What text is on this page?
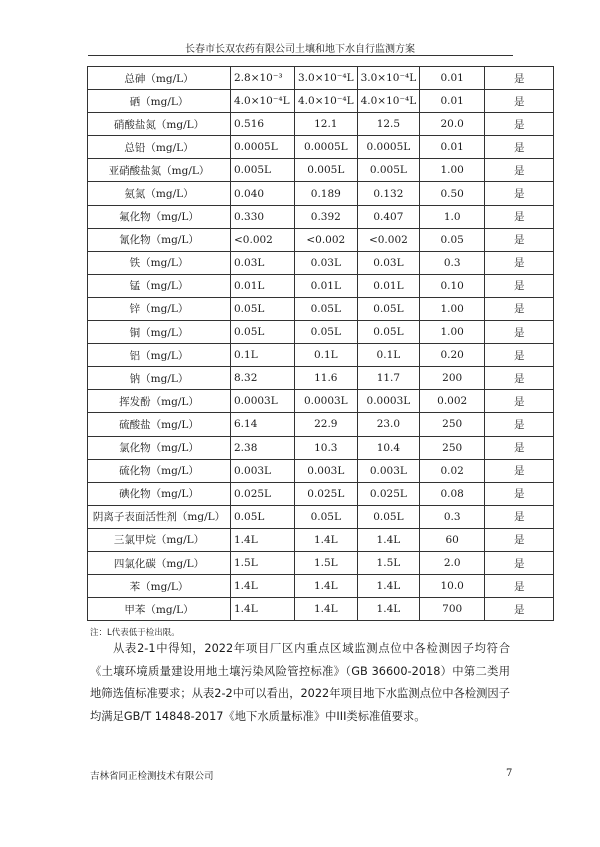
长春市长双农药有限公司土壤和地下水自行监测方案
总砷（mg/L）	2.8×10⁻³	3.0×10⁻⁴L	3.0×10⁻⁴L	0.01	是
硒（mg/L）	4.0×10⁻⁴L	4.0×10⁻⁴L	4.0×10⁻⁴L	0.01	是
硝酸盐氮（mg/L）	0.516	12.1	12.5	20.0	是
总铅（mg/L）	0.0005L	0.0005L	0.0005L	0.01	是
亚硝酸盐氮（mg/L）	0.005L	0.005L	0.005L	1.00	是
氨氮（mg/L）	0.040	0.189	0.132	0.50	是
氟化物（mg/L）	0.330	0.392	0.407	1.0	是
氰化物（mg/L）	<0.002	<0.002	<0.002	0.05	是
铁（mg/L）	0.03L	0.03L	0.03L	0.3	是
锰（mg/L）	0.01L	0.01L	0.01L	0.10	是
锌（mg/L）	0.05L	0.05L	0.05L	1.00	是
铜（mg/L）	0.05L	0.05L	0.05L	1.00	是
铝（mg/L）	0.1L	0.1L	0.1L	0.20	是
钠（mg/L）	8.32	11.6	11.7	200	是
挥发酚（mg/L）	0.0003L	0.0003L	0.0003L	0.002	是
硫酸盐（mg/L）	6.14	22.9	23.0	250	是
氯化物（mg/L）	2.38	10.3	10.4	250	是
硫化物（mg/L）	0.003L	0.003L	0.003L	0.02	是
碘化物（mg/L）	0.025L	0.025L	0.025L	0.08	是
阴离子表面活性剂（mg/L）	0.05L	0.05L	0.05L	0.3	是
三氯甲烷（mg/L）	1.4L	1.4L	1.4L	60	是
四氯化碳（mg/L）	1.5L	1.5L	1.5L	2.0	是
苯（mg/L）	1.4L	1.4L	1.4L	10.0	是
甲苯（mg/L）	1.4L	1.4L	1.4L	700	是
注：L代表低于检出限。
从表2-1中得知，2022年项目厂区内重点区域监测点位中各检测因子均符合《土壤环境质量建设用地土壤污染风险管控标准》（GB 36600-2018）中第二类用地筛选值标准要求；从表2-2中可以看出，2022年项目地下水监测点位中各检测因子均满足GB/T 14848-2017《地下水质量标准》中III类标准值要求。
吉林省同正检测技术有限公司	7
